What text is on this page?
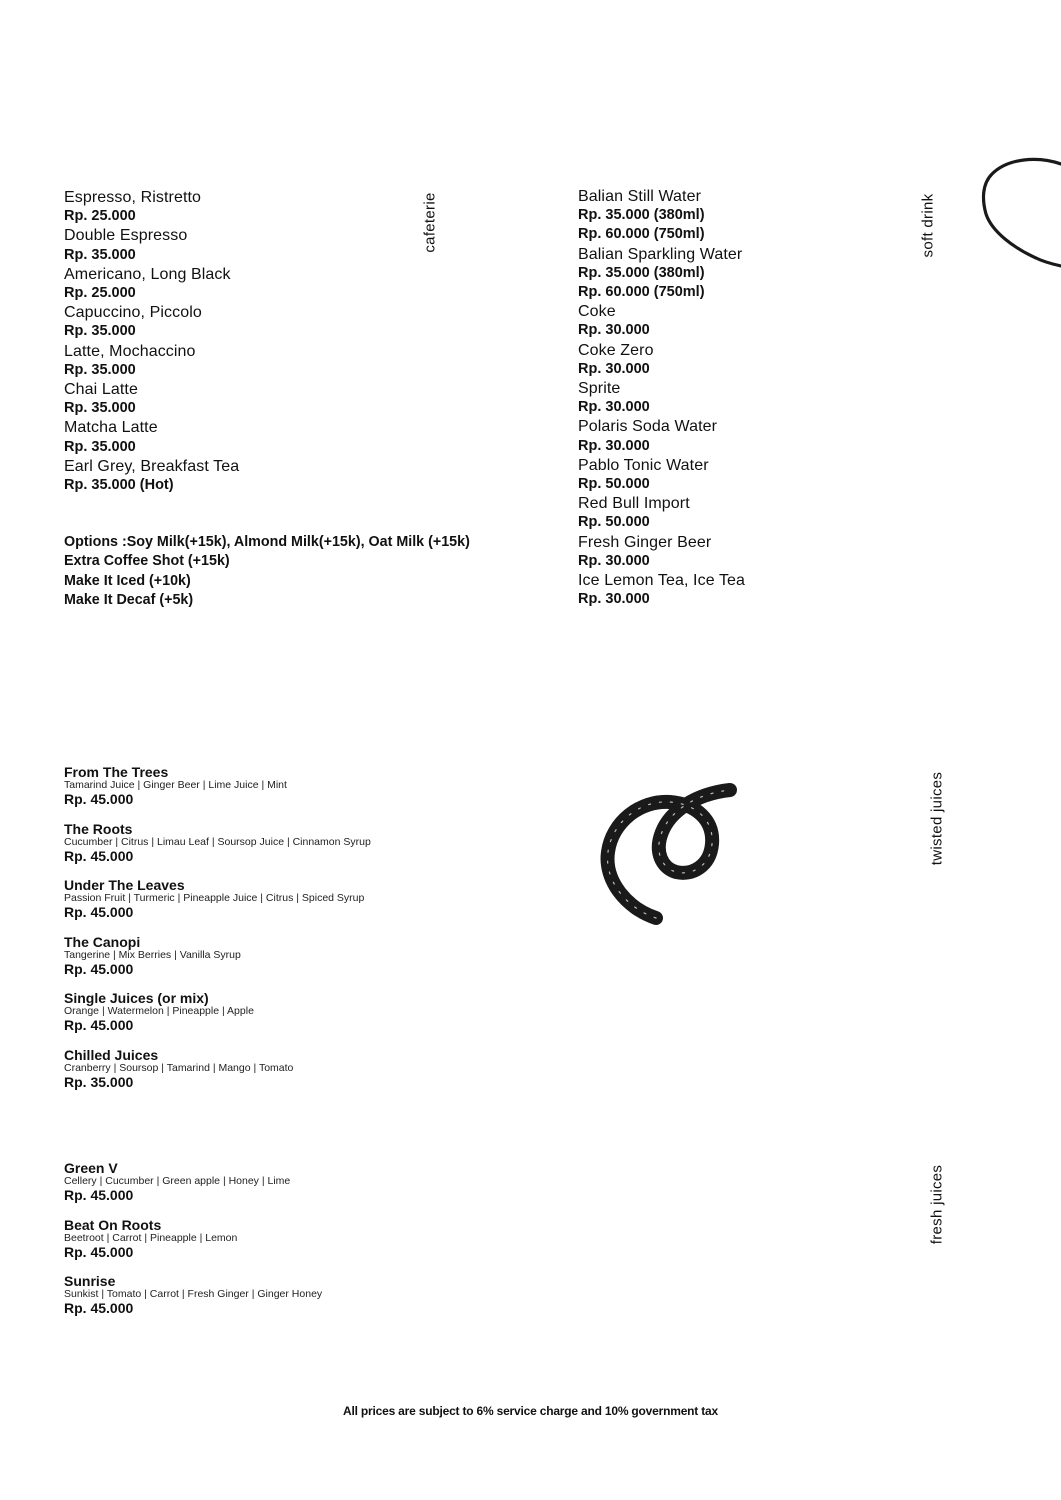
Espresso, Ristretto
Rp. 25.000
Double Espresso
Rp. 35.000
Americano, Long Black
Rp. 25.000
Capuccino, Piccolo
Rp. 35.000
Latte, Mochaccino
Rp. 35.000
Chai Latte
Rp. 35.000
Matcha Latte
Rp. 35.000
Earl Grey, Breakfast Tea
Rp. 35.000 (Hot)
Options :Soy Milk(+15k), Almond Milk(+15k), Oat Milk (+15k)
Extra Coffee Shot (+15k)
Make It Iced (+10k)
Make It Decaf (+5k)
cafeterie	Balian Still Water
Rp. 35.000 (380ml)
Rp. 60.000 (750ml)
Balian Sparkling Water
Rp. 35.000 (380ml)
Rp. 60.000 (750ml)
Coke
Rp. 30.000
Coke Zero
Rp. 30.000
Sprite
Rp. 30.000
Polaris Soda Water
Rp. 30.000
Pablo Tonic Water
Rp. 50.000
Red Bull Import
Rp. 50.000
Fresh Ginger Beer
Rp. 30.000
Ice Lemon Tea, Ice Tea
Rp. 30.000
soft drink
From The Trees
Tamarind Juice | Ginger Beer | Lime Juice | Mint
Rp. 45.000
The Roots
Cucumber | Citrus | Limau Leaf | Soursop Juice | Cinnamon Syrup
Rp. 45.000
Under The Leaves
Passion Fruit | Turmeric | Pineapple Juice | Citrus | Spiced Syrup
Rp. 45.000
The Canopi
Tangerine | Mix Berries | Vanilla Syrup
Rp. 45.000
Single Juices (or mix)
Orange | Watermelon | Pineapple | Apple
Rp. 45.000
Chilled Juices
Cranberry | Soursop | Tamarind | Mango | Tomato
Rp. 35.000
twisted juices
Green V
Cellery | Cucumber | Green apple | Honey | Lime
Rp. 45.000
Beat On Roots
Beetroot | Carrot | Pineapple | Lemon
Rp. 45.000
Sunrise
Sunkist | Tomato | Carrot | Fresh Ginger | Ginger Honey
Rp. 45.000
fresh juices
All prices are subject to 6% service charge and 10% government tax
